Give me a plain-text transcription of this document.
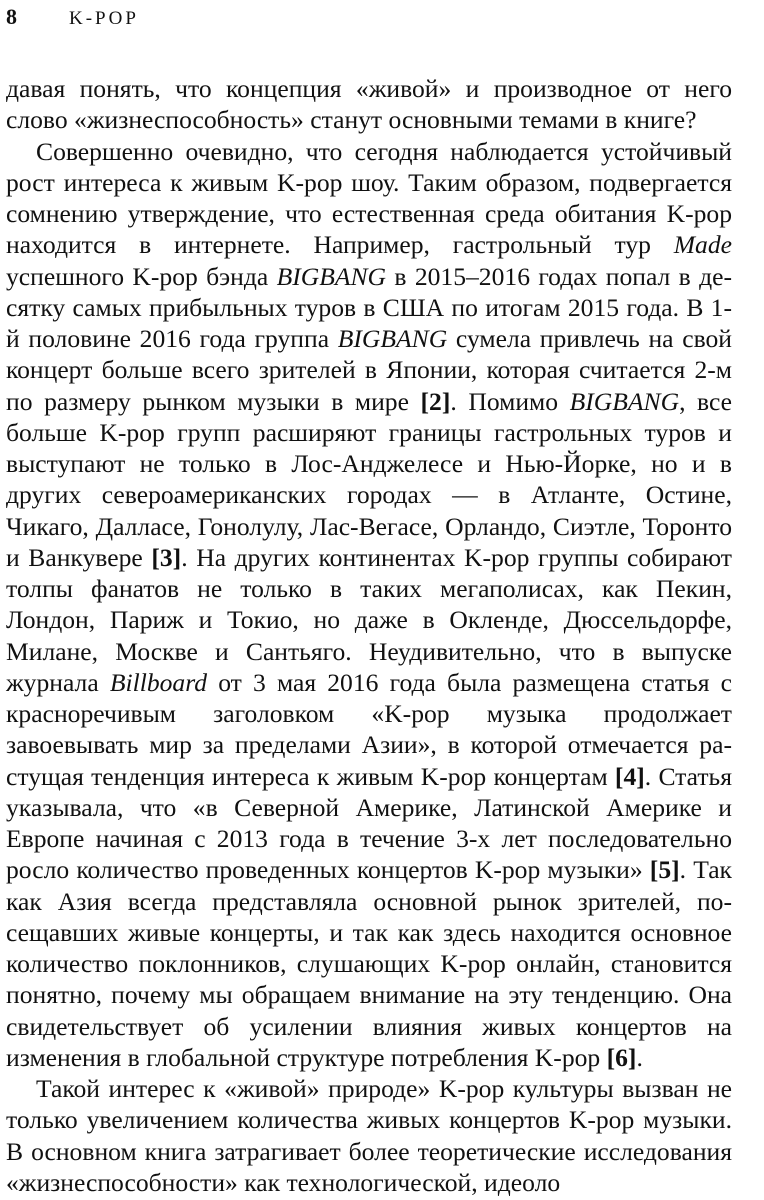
8	K-POP

давая понять, что концепция «живой» и производное от него слово «жизнеспособность» станут основными темами в книге?

Совершенно очевидно, что сегодня наблюдается устойчивый рост интереса к живым K-pop шоу. Таким образом, подвергается сомнению утверждение, что естественная среда обитания K-pop находится в интернете. Например, гастрольный тур Made успешного K-pop бэнда BIGBANG в 2015–2016 годах попал в десятку самых прибыльных туров в США по итогам 2015 года. В 1-й половине 2016 года группа BIGBANG сумела привлечь на свой концерт больше всего зрителей в Японии, которая считается 2-м по размеру рынком музыки в мире [2]. Помимо BIGBANG, все больше K-pop групп расширяют границы гастрольных туров и выступают не только в Лос-Анджелесе и Нью-Йорке, но и в других североамериканских городах — в Атланте, Остине, Чикаго, Далласе, Гонолулу, Лас-Вегасе, Орландо, Сиэтле, Торонто и Ванкувере [3]. На других континентах K-pop группы собирают толпы фанатов не только в таких мегаполисах, как Пекин, Лондон, Париж и Токио, но даже в Окленде, Дюссельдорфе, Милане, Москве и Сантьяго. Неудивительно, что в выпуске журнала Billboard от 3 мая 2016 года была размещена статья с красноречивым заголовком «K-pop музыка продолжает завоевывать мир за пределами Азии», в которой отмечается растущая тенденция интереса к живым K-pop концертам [4]. Статья указывала, что «в Северной Америке, Латинской Америке и Европе начиная с 2013 года в течение 3-х лет последовательно росло количество проведенных концертов K-pop музыки» [5]. Так как Азия всегда представляла основной рынок зрителей, посещавших живые концерты, и так как здесь находится основное количество поклонников, слушающих K-pop онлайн, становится понятно, почему мы обращаем внимание на эту тенденцию. Она свидетельствует об усилении влияния живых концертов на изменения в глобальной структуре потребления K-pop [6].

Такой интерес к «живой» природе» K-pop культуры вызван не только увеличением количества живых концертов K-pop музыки. В основном книга затрагивает более теоретические исследования «жизнеспособности» как технологической, идеоло
